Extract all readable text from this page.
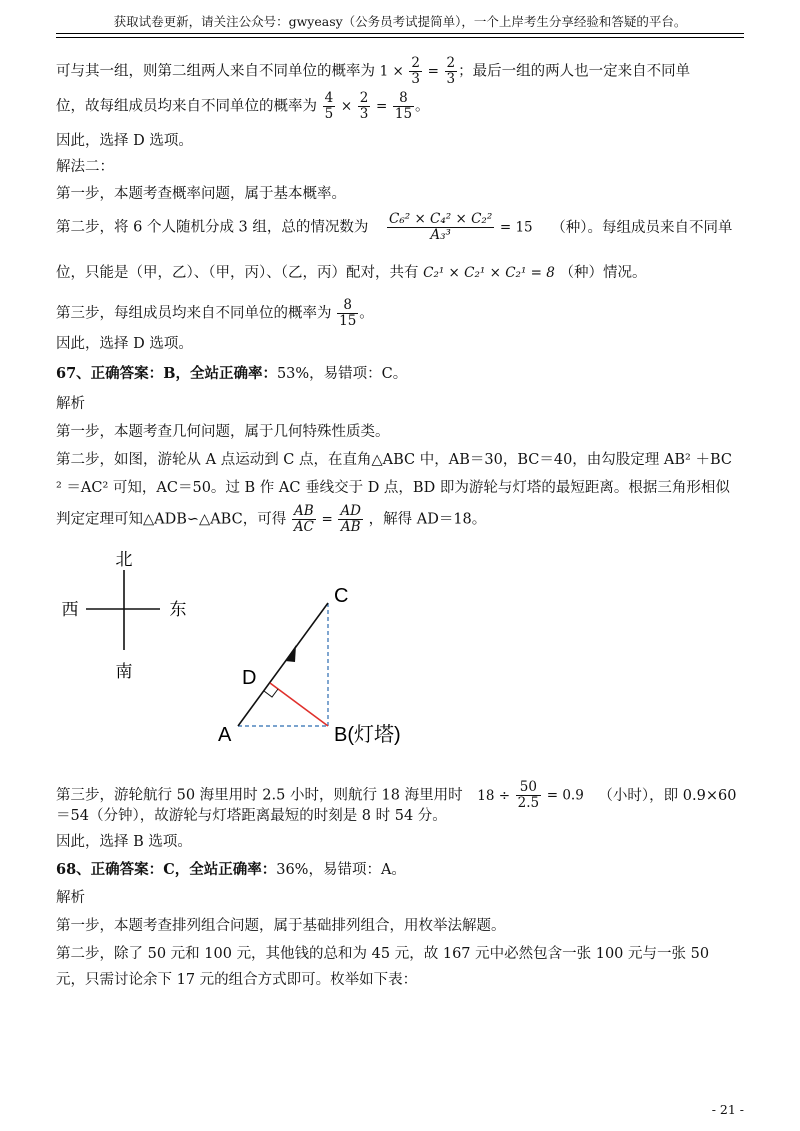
获取试卷更新，请关注公众号：gwyeasy（公务员考试提简单），一个上岸考生分享经验和答疑的平台。
可与其一组，则第二组两人来自不同单位的概率为 $1 \times \frac{2}{3} = \frac{2}{3}$ ；最后一组的两人也一定来自不同单
位，故每组成员均来自不同单位的概率为 $\frac{4}{5} \times \frac{2}{3} = \frac{8}{15}$ 。
因此，选择 D 选项。
解法二：
第一步，本题考查概率问题，属于基本概率。
第二步，将 6 个人随机分成 3 组，总的情况数为 $\frac{\text{C₆² × C₄² × C₂²}}{\text{A₃³}} = 15$ （种）。每组成员来自不同单
位，只能是（甲，乙）、（甲，丙）、（乙，丙）配对，共有 C₂¹ × C₂¹ × C₂¹ = 8 （种）情况。
第三步，每组成员均来自不同单位的概率为 $\frac{8}{15}$ 。
因此，选择 D 选项。
67、正确答案：B，全站正确率：53%，易错项：C。
解析
第一步，本题考查几何问题，属于几何特殊性质类。
第二步，如图，游轮从 A 点运动到 C 点，在直角△ABC 中，AB＝30，BC＝40，由勾股定理 AB² ＋BC
² ＝AC² 可知，AC＝50。过 B 作 AC 垂线交于 D 点，BD 即为游轮与灯塔的最短距离。根据三角形相似
判定定理可知△ADB∽△ABC，可得 $\frac{AB}{AC} = \frac{AD}{AB}$ ，解得 AD＝18。
北
南
西	东
A	B(灯塔)
C
D
第三步，游轮航行 50 海里用时 2.5 小时，则航行 18 海里用时 $18 \div \frac{50}{2.5} = 0.9$ （小时），即 0.9×60
＝54（分钟），故游轮与灯塔距离最短的时刻是 8 时 54 分。
因此，选择 B 选项。
68、正确答案：C，全站正确率：36%，易错项：A。
解析
第一步，本题考查排列组合问题，属于基础排列组合，用枚举法解题。
第二步，除了 50 元和 100 元，其他钱的总和为 45 元，故 167 元中必然包含一张 100 元与一张 50
元，只需讨论余下 17 元的组合方式即可。枚举如下表：
- 21 -
